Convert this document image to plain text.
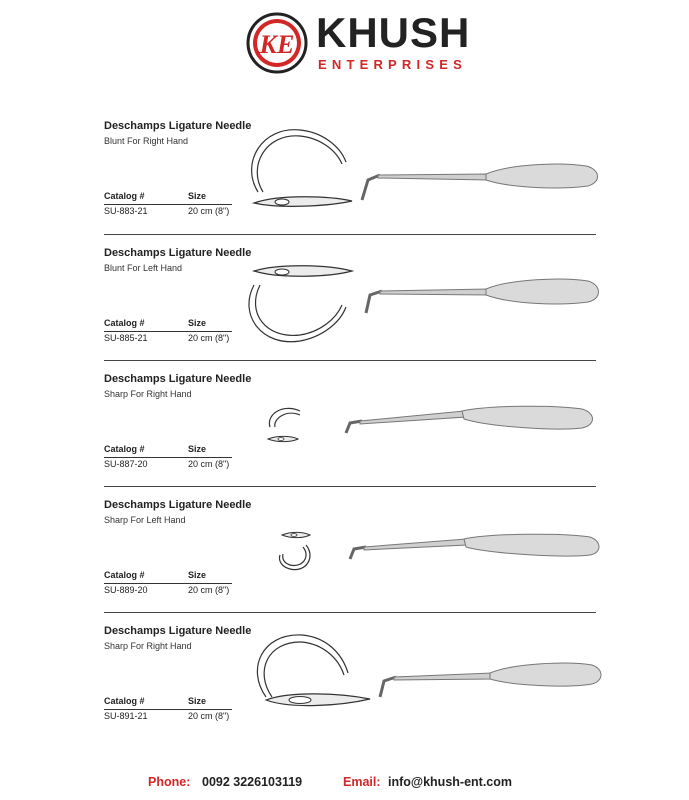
KE KHUSH
ENTERPRISES
Deschamps Ligature Needle
Blunt For Right Hand
Catalog #	Size
SU-883-21	20 cm (8")
Deschamps Ligature Needle
Blunt For Left Hand
Catalog #	Size
SU-885-21	20 cm (8")
Deschamps Ligature Needle
Sharp For Right Hand
Catalog #	Size
SU-887-20	20 cm (8")
Deschamps Ligature Needle
Sharp For Left Hand
Catalog #	Size
SU-889-20	20 cm (8")
Deschamps Ligature Needle
Sharp For Right Hand
Catalog #	Size
SU-891-21	20 cm (8")
Phone: 0092 3226103119	Email: info@khush-ent.com
